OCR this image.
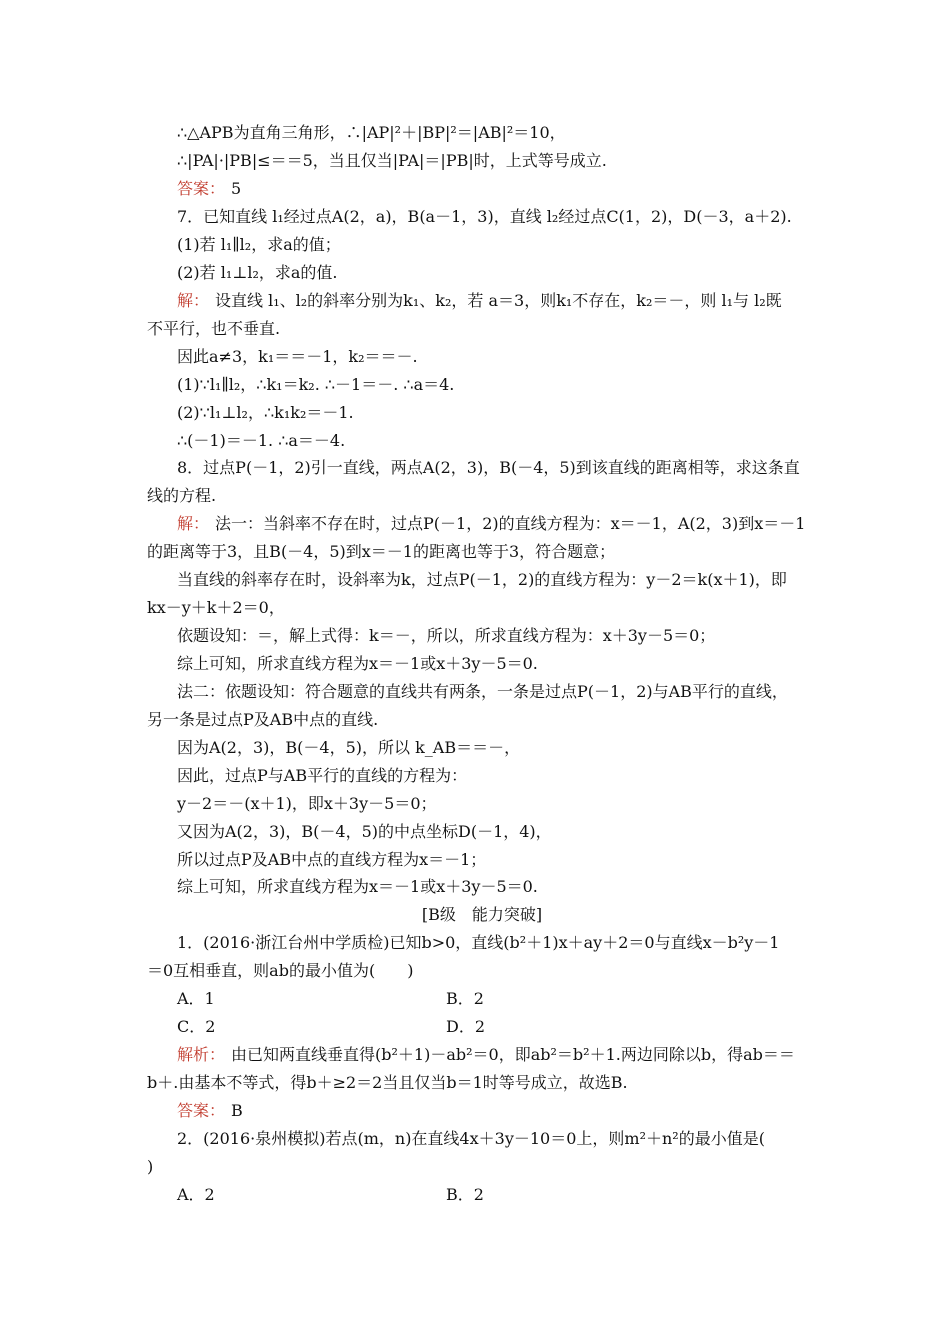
∴△APB为直角三角形，∴|AP|²＋|BP|²＝|AB|²＝10，
∴|PA|·|PB|≤＝＝5，当且仅当|PA|＝|PB|时，上式等号成立.
答案： 5
7．已知直线 l₁经过点A(2，a)，B(a－1，3)，直线 l₂经过点C(1，2)，D(－3，a＋2).
(1)若 l₁∥l₂，求a的值；
(2)若 l₁⊥l₂，求a的值.
解： 设直线 l₁、l₂的斜率分别为k₁、k₂，若 a＝3，则k₁不存在，k₂＝－，则 l₁与 l₂既
不平行，也不垂直.
因此a≠3，k₁＝＝－1，k₂＝＝－.
(1)∵l₁∥l₂，∴k₁＝k₂. ∴－1＝－. ∴a＝4.
(2)∵l₁⊥l₂，∴k₁k₂＝－1.
∴(－1)＝－1. ∴a＝－4.
8．过点P(－1，2)引一直线，两点A(2，3)，B(－4，5)到该直线的距离相等，求这条直
线的方程.
解： 法一：当斜率不存在时，过点P(－1，2)的直线方程为：x＝－1，A(2，3)到x＝－1
的距离等于3，且B(－4，5)到x＝－1的距离也等于3，符合题意；
当直线的斜率存在时，设斜率为k，过点P(－1，2)的直线方程为：y－2＝k(x＋1)，即
kx－y＋k＋2＝0，
依题设知：＝，解上式得：k＝－，所以，所求直线方程为：x＋3y－5＝0；
综上可知，所求直线方程为x＝－1或x＋3y－5＝0.
法二：依题设知：符合题意的直线共有两条，一条是过点P(－1，2)与AB平行的直线，
另一条是过点P及AB中点的直线.
因为A(2，3)，B(－4，5)，所以 k_AB＝＝－，
因此，过点P与AB平行的直线的方程为：
y－2＝－(x＋1)，即x＋3y－5＝0；
又因为A(2，3)，B(－4，5)的中点坐标D(－1，4)，
所以过点P及AB中点的直线方程为x＝－1；
综上可知，所求直线方程为x＝－1或x＋3y－5＝0.
[B级　能力突破]
1．(2016·浙江台州中学质检)已知b>0，直线(b²＋1)x＋ay＋2＝0与直线x－b²y－1
＝0互相垂直，则ab的最小值为(　　)
A．1	B．2
C．2	D．2
解析： 由已知两直线垂直得(b²＋1)－ab²＝0，即ab²＝b²＋1.两边同除以b，得ab＝＝
b＋.由基本不等式，得b＋≥2＝2当且仅当b＝1时等号成立，故选B.
答案： B
2．(2016·泉州模拟)若点(m，n)在直线4x＋3y－10＝0上，则m²＋n²的最小值是(
)
A．2	B．2
